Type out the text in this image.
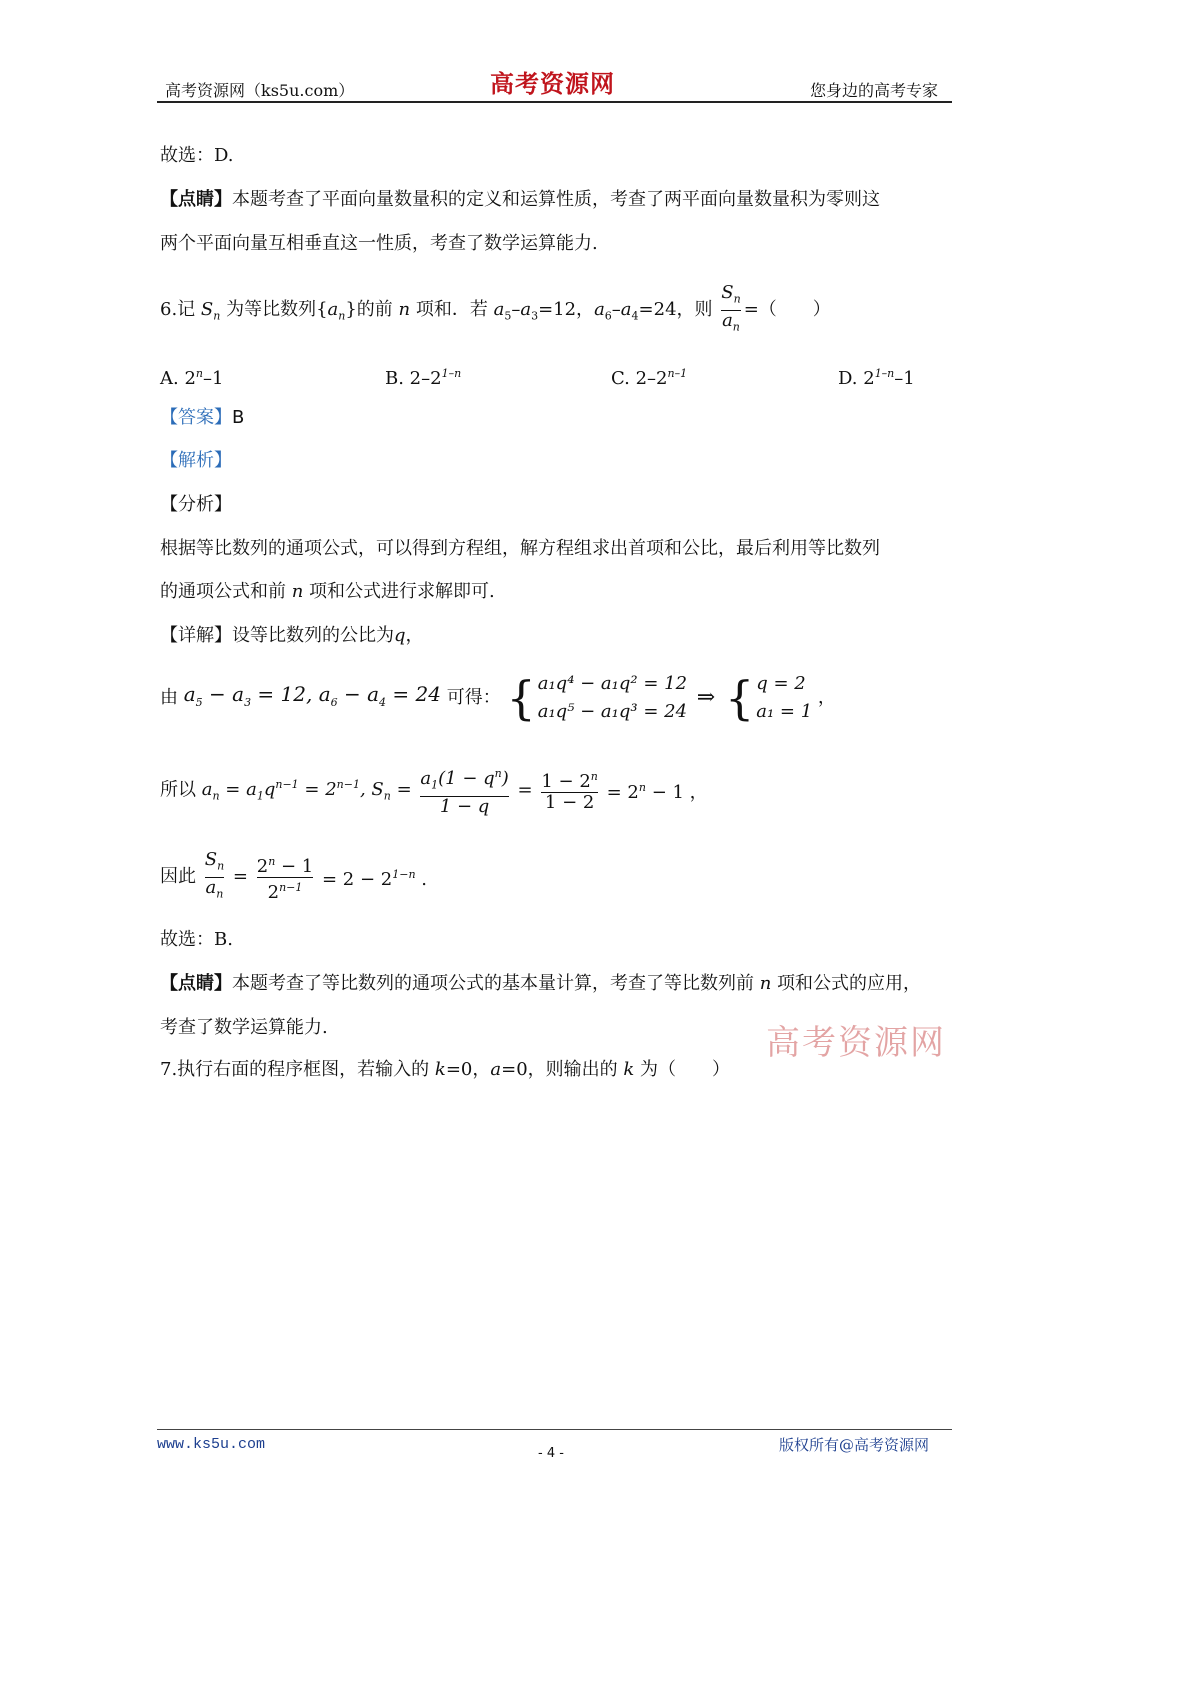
高考资源网（ks5u.com）	高考资源网	您身边的高考专家
故选：D.
【点睛】本题考查了平面向量数量积的定义和运算性质，考查了两平面向量数量积为零则这
两个平面向量互相垂直这一性质，考查了数学运算能力.
6.记 $S_n$ 为等比数列$\{a_n\}$的前 n 项和．若 $a_5-a_3=12$，$a_6-a_4=24$，则 $\frac{S_n}{a_n}$ =（　　）
A. 2$^n$–1	B. 2–2$^{1-n}$	C. 2–2$^{n-1}$	D. 2$^{1-n}$–1
【答案】B
【解析】
【分析】
根据等比数列的通项公式，可以得到方程组，解方程组求出首项和公比，最后利用等比数列
的通项公式和前 n 项和公式进行求解即可.
【详解】设等比数列的公比为q，
由 $a_5 - a_3 = 12$, $a_6 - a_4 = 24$ 可得： { a₁q⁴ − a₁q² = 12
a₁q⁵ − a₁q³ = 24
⇒ { q = 2
a₁ = 1
，
所以 $a_n = a_1q^{n-1} = 2^{n-1}$, $S_n = \frac{a_1(1 - q^n)}{1 - q} = \frac{1 - 2^n}{1 - 2} = 2^n - 1$ ，
因此 $\frac{S_n}{a_n} = \frac{2^n - 1}{2^{n-1}} = 2 - 2^{1-n}$ .
故选：B.
【点睛】本题考查了等比数列的通项公式的基本量计算，考查了等比数列前 n 项和公式的应用，
考查了数学运算能力.	高考资源网
7.执行右面的程序框图，若输入的 k=0，a=0，则输出的 k 为（　　）
www.ks5u.com
- 4 -	版权所有@高考资源网
